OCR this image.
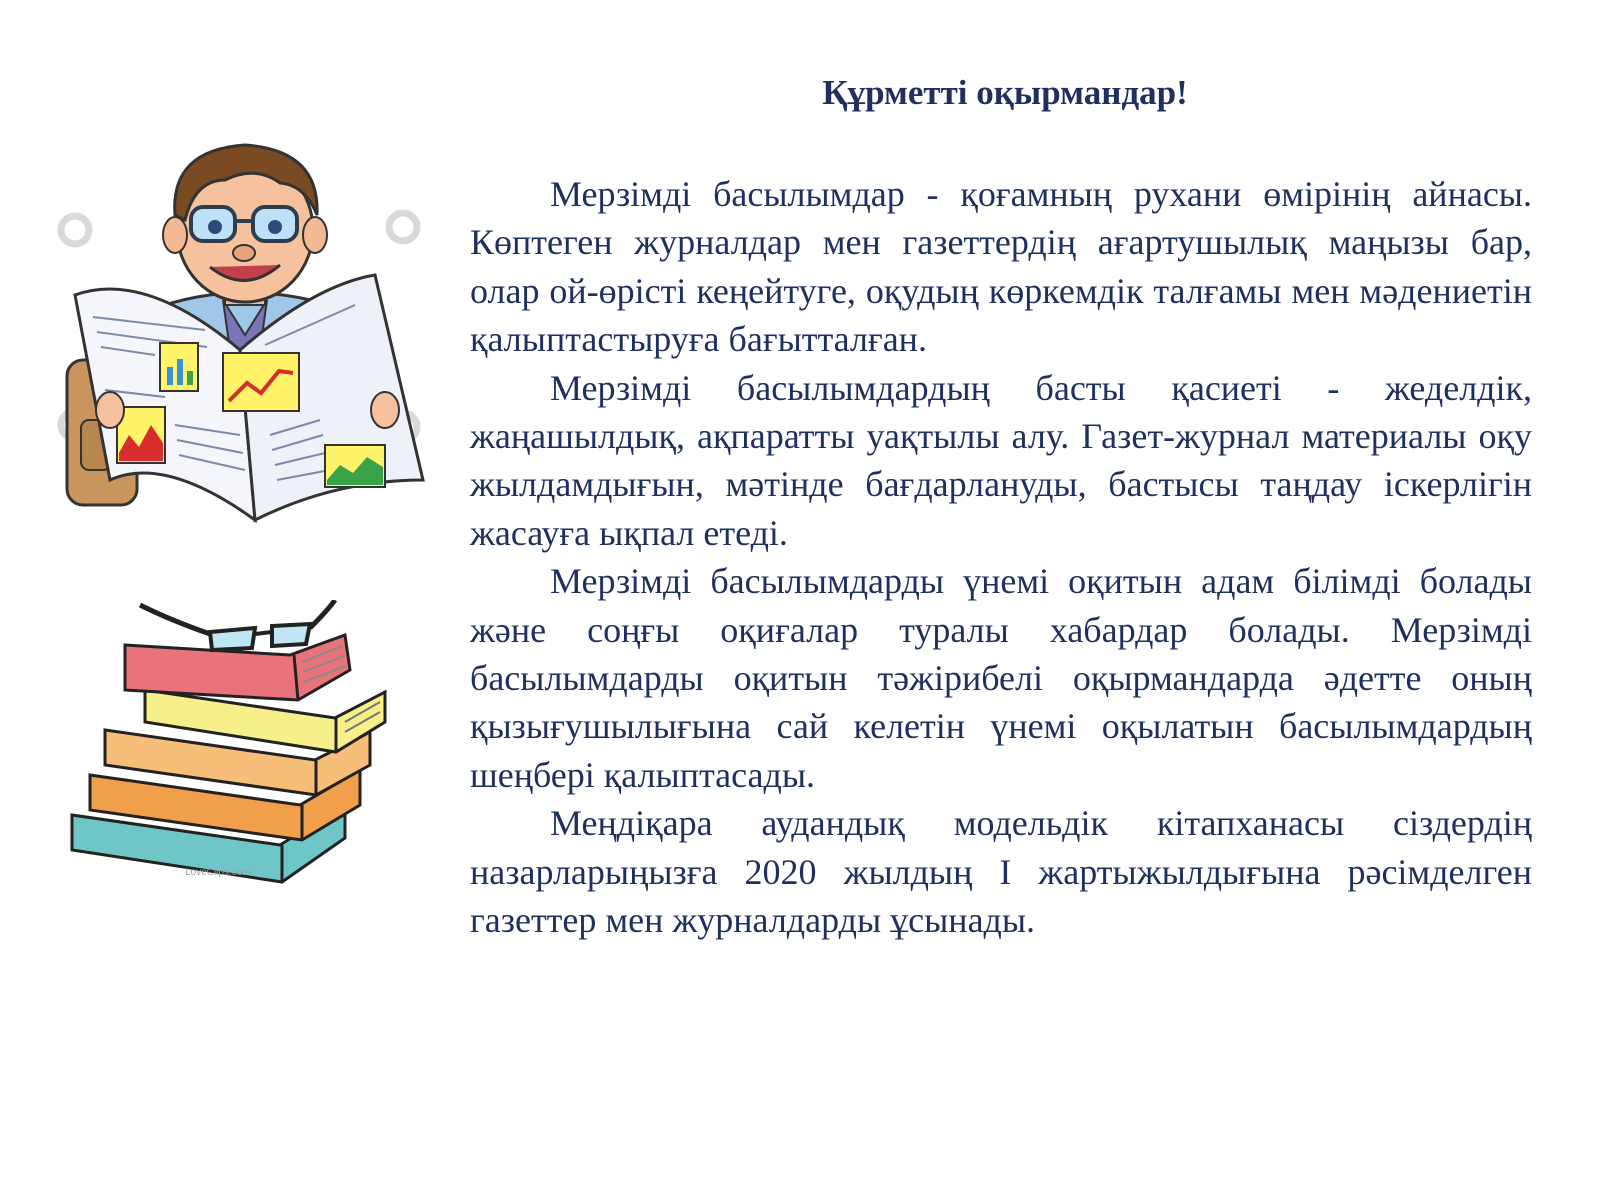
LoveClips.com
Құрметті оқырмандар!

Мерзімді басылымдар - қоғамның рухани өмірінің айнасы. Көптеген журналдар мен газеттердің ағартушылық маңызы бар, олар ой-өрісті кеңейтуге, оқудың көркемдік талғамы мен мәдениетін қалыптастыруға бағытталған.

Мерзімді басылымдардың басты қасиеті - жеделдік, жаңашылдық, ақпаратты уақтылы алу. Газет-журнал материалы оқу жылдамдығын, мәтінде бағдарлануды, бастысы таңдау іскерлігін жасауға ықпал етеді.

Мерзімді басылымдарды үнемі оқитын адам білімді болады және соңғы оқиғалар туралы хабардар болады. Мерзімді басылымдарды оқитын тәжірибелі оқырмандарда әдетте оның қызығушылығына сай келетін үнемі оқылатын басылымдардың шеңбері қалыптасады.

Меңдіқара аудандық модельдік кітапханасы сіздердің назарларыңызға 2020 жылдың І жартыжылдығына рәсімделген газеттер мен журналдарды ұсынады.
